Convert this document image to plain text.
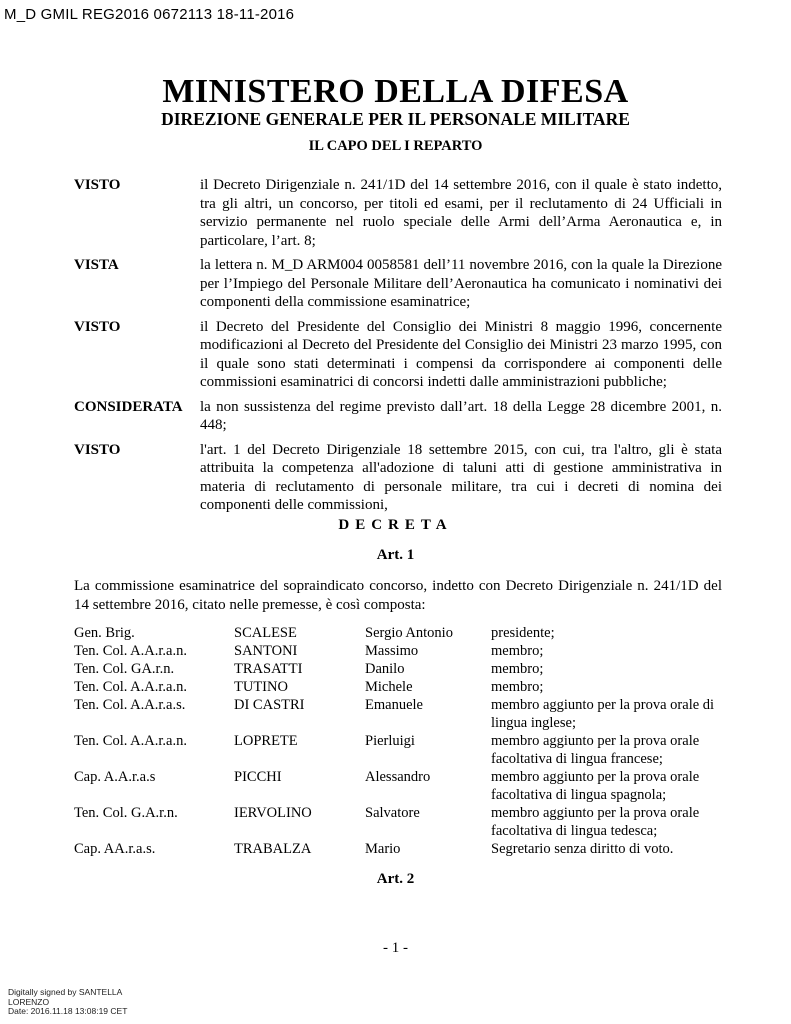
M_D GMIL REG2016 0672113 18-11-2016
MINISTERO DELLA DIFESA
DIREZIONE GENERALE PER IL PERSONALE MILITARE
IL CAPO DEL I REPARTO
VISTO	il Decreto Dirigenziale n. 241/1D del 14 settembre 2016, con il quale è stato indetto, tra gli altri, un concorso, per titoli ed esami, per il reclutamento di 24 Ufficiali in servizio permanente nel ruolo speciale delle Armi dell’Arma Aeronautica e, in particolare, l’art. 8;
VISTA	la lettera n. M_D ARM004 0058581 dell’11 novembre 2016, con la quale la Direzione per l’Impiego del Personale Militare dell’Aeronautica ha comunicato i nominativi dei componenti della commissione esaminatrice;
VISTO	il Decreto del Presidente del Consiglio dei Ministri 8 maggio 1996, concernente modificazioni al Decreto del Presidente del Consiglio dei Ministri 23 marzo 1995, con il quale sono stati determinati i compensi da corrispondere ai componenti delle commissioni esaminatrici di concorsi indetti dalle amministrazioni pubbliche;
CONSIDERATA	la non sussistenza del regime previsto dall’art. 18 della Legge 28 dicembre 2001, n. 448;
VISTO	l'art. 1 del Decreto Dirigenziale 18 settembre 2015, con cui, tra l'altro, gli è stata attribuita la competenza all'adozione di taluni atti di gestione amministrativa in materia di reclutamento di personale militare, tra cui i decreti di nomina dei componenti delle commissioni,
DECRETA
Art. 1
La commissione esaminatrice del sopraindicato concorso, indetto con Decreto Dirigenziale n. 241/1D del 14 settembre 2016, citato nelle premesse, è così composta:
Gen. Brig.	SCALESE	Sergio Antonio	presidente;
Ten. Col. A.A.r.a.n.	SANTONI	Massimo	membro;
Ten. Col. GA.r.n.	TRASATTI	Danilo	membro;
Ten. Col. A.A.r.a.n.	TUTINO	Michele	membro;
Ten. Col. A.A.r.a.s.	DI CASTRI	Emanuele	membro aggiunto per la prova orale di lingua inglese;
Ten. Col. A.A.r.a.n.	LOPRETE	Pierluigi	membro aggiunto per la prova orale facoltativa di lingua francese;
Cap. A.A.r.a.s	PICCHI	Alessandro	membro aggiunto per la prova orale facoltativa di lingua spagnola;
Ten. Col. G.A.r.n.	IERVOLINO	Salvatore	membro aggiunto per la prova orale facoltativa di lingua tedesca;
Cap. AA.r.a.s.	TRABALZA	Mario	Segretario senza diritto di voto.
Art. 2
- 1 -
Digitally signed by SANTELLA
LORENZO
Date: 2016.11.18 13:08:19 CET
